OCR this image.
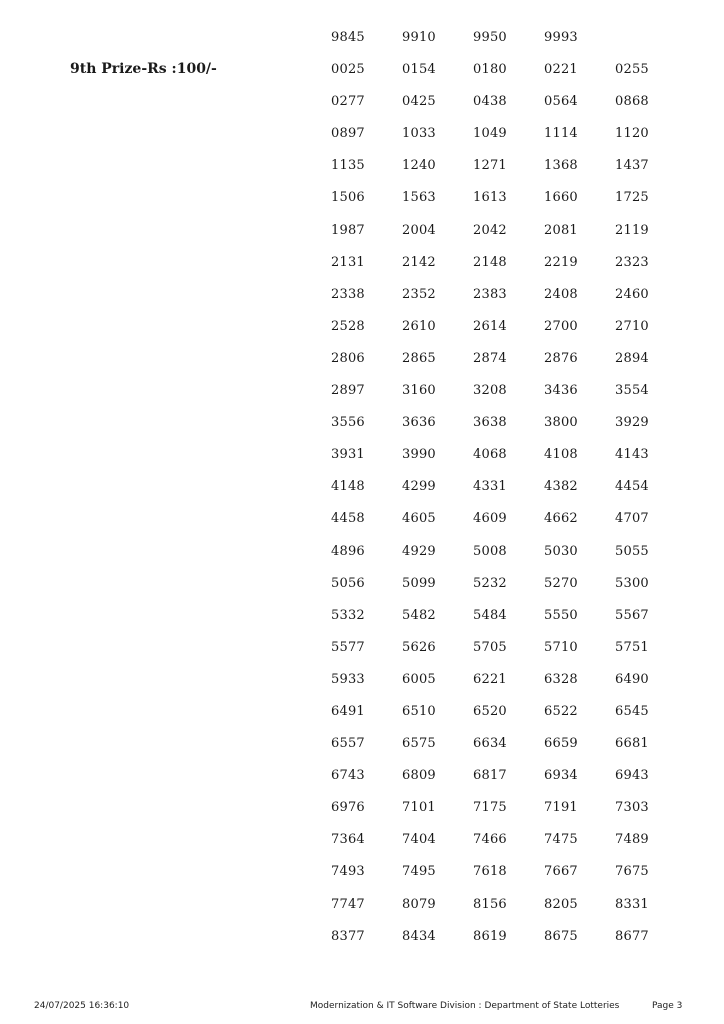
9th Prize-Rs :100/-
9845	9910	9950	9993
0025	0154	0180	0221	0255
0277	0425	0438	0564	0868
0897	1033	1049	1114	1120
1135	1240	1271	1368	1437
1506	1563	1613	1660	1725
1987	2004	2042	2081	2119
2131	2142	2148	2219	2323
2338	2352	2383	2408	2460
2528	2610	2614	2700	2710
2806	2865	2874	2876	2894
2897	3160	3208	3436	3554
3556	3636	3638	3800	3929
3931	3990	4068	4108	4143
4148	4299	4331	4382	4454
4458	4605	4609	4662	4707
4896	4929	5008	5030	5055
5056	5099	5232	5270	5300
5332	5482	5484	5550	5567
5577	5626	5705	5710	5751
5933	6005	6221	6328	6490
6491	6510	6520	6522	6545
6557	6575	6634	6659	6681
6743	6809	6817	6934	6943
6976	7101	7175	7191	7303
7364	7404	7466	7475	7489
7493	7495	7618	7667	7675
7747	8079	8156	8205	8331
8377	8434	8619	8675	8677
24/07/2025 16:36:10	Modernization & IT Software Division : Department of State Lotteries	Page 3
